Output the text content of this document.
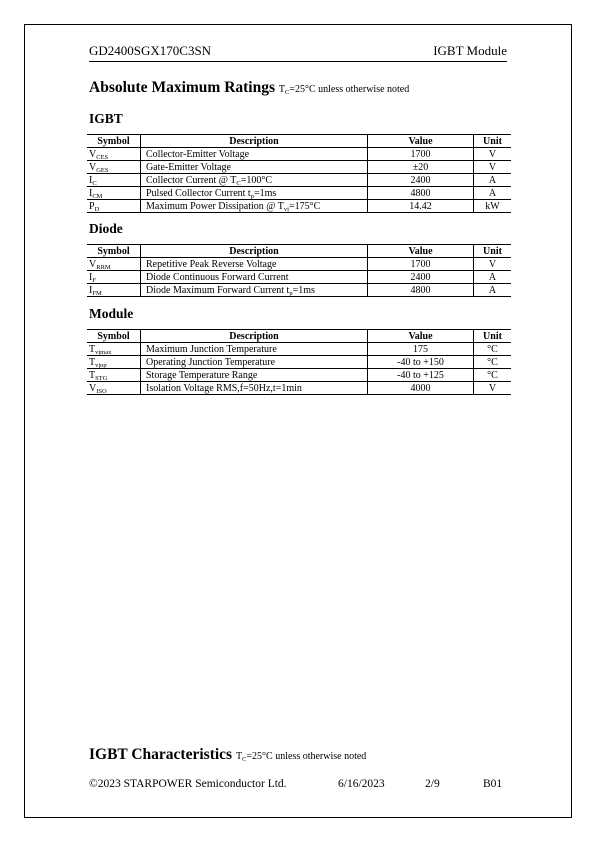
GD2400SGX170C3SN	IGBT Module
Absolute Maximum Ratings $T_C=25^\circ C$ unless otherwise noted
IGBT
Symbol	Description	Value	Unit
$V_{CES}$	Collector-Emitter Voltage	1700	V
$V_{GES}$	Gate-Emitter Voltage	±20	V
$I_C$	Collector Current @ $T_C=100^\circ C$	2400	A
$I_{CM}$	Pulsed Collector Current $t_p=1ms$	4800	A
$P_D$	Maximum Power Dissipation @ $T_{vj}=175^\circ C$	14.42	kW
Diode
Symbol	Description	Value	Unit
$V_{RRM}$	Repetitive Peak Reverse Voltage	1700	V
$I_F$	Diode Continuous Forward Current	2400	A
$I_{FM}$	Diode Maximum Forward Current $t_p=1ms$	4800	A
Module
Symbol	Description	Value	Unit
$T_{vjmax}$	Maximum Junction Temperature	175	°C
$T_{vjop}$	Operating Junction Temperature	-40 to +150	°C
$T_{STG}$	Storage Temperature Range	-40 to +125	°C
$V_{ISO}$	Isolation Voltage RMS,f=50Hz,t=1min	4000	V
IGBT Characteristics $T_C=25^\circ C$ unless otherwise noted
©2023 STARPOWER Semiconductor Ltd.	6/16/2023	2/9	B01
